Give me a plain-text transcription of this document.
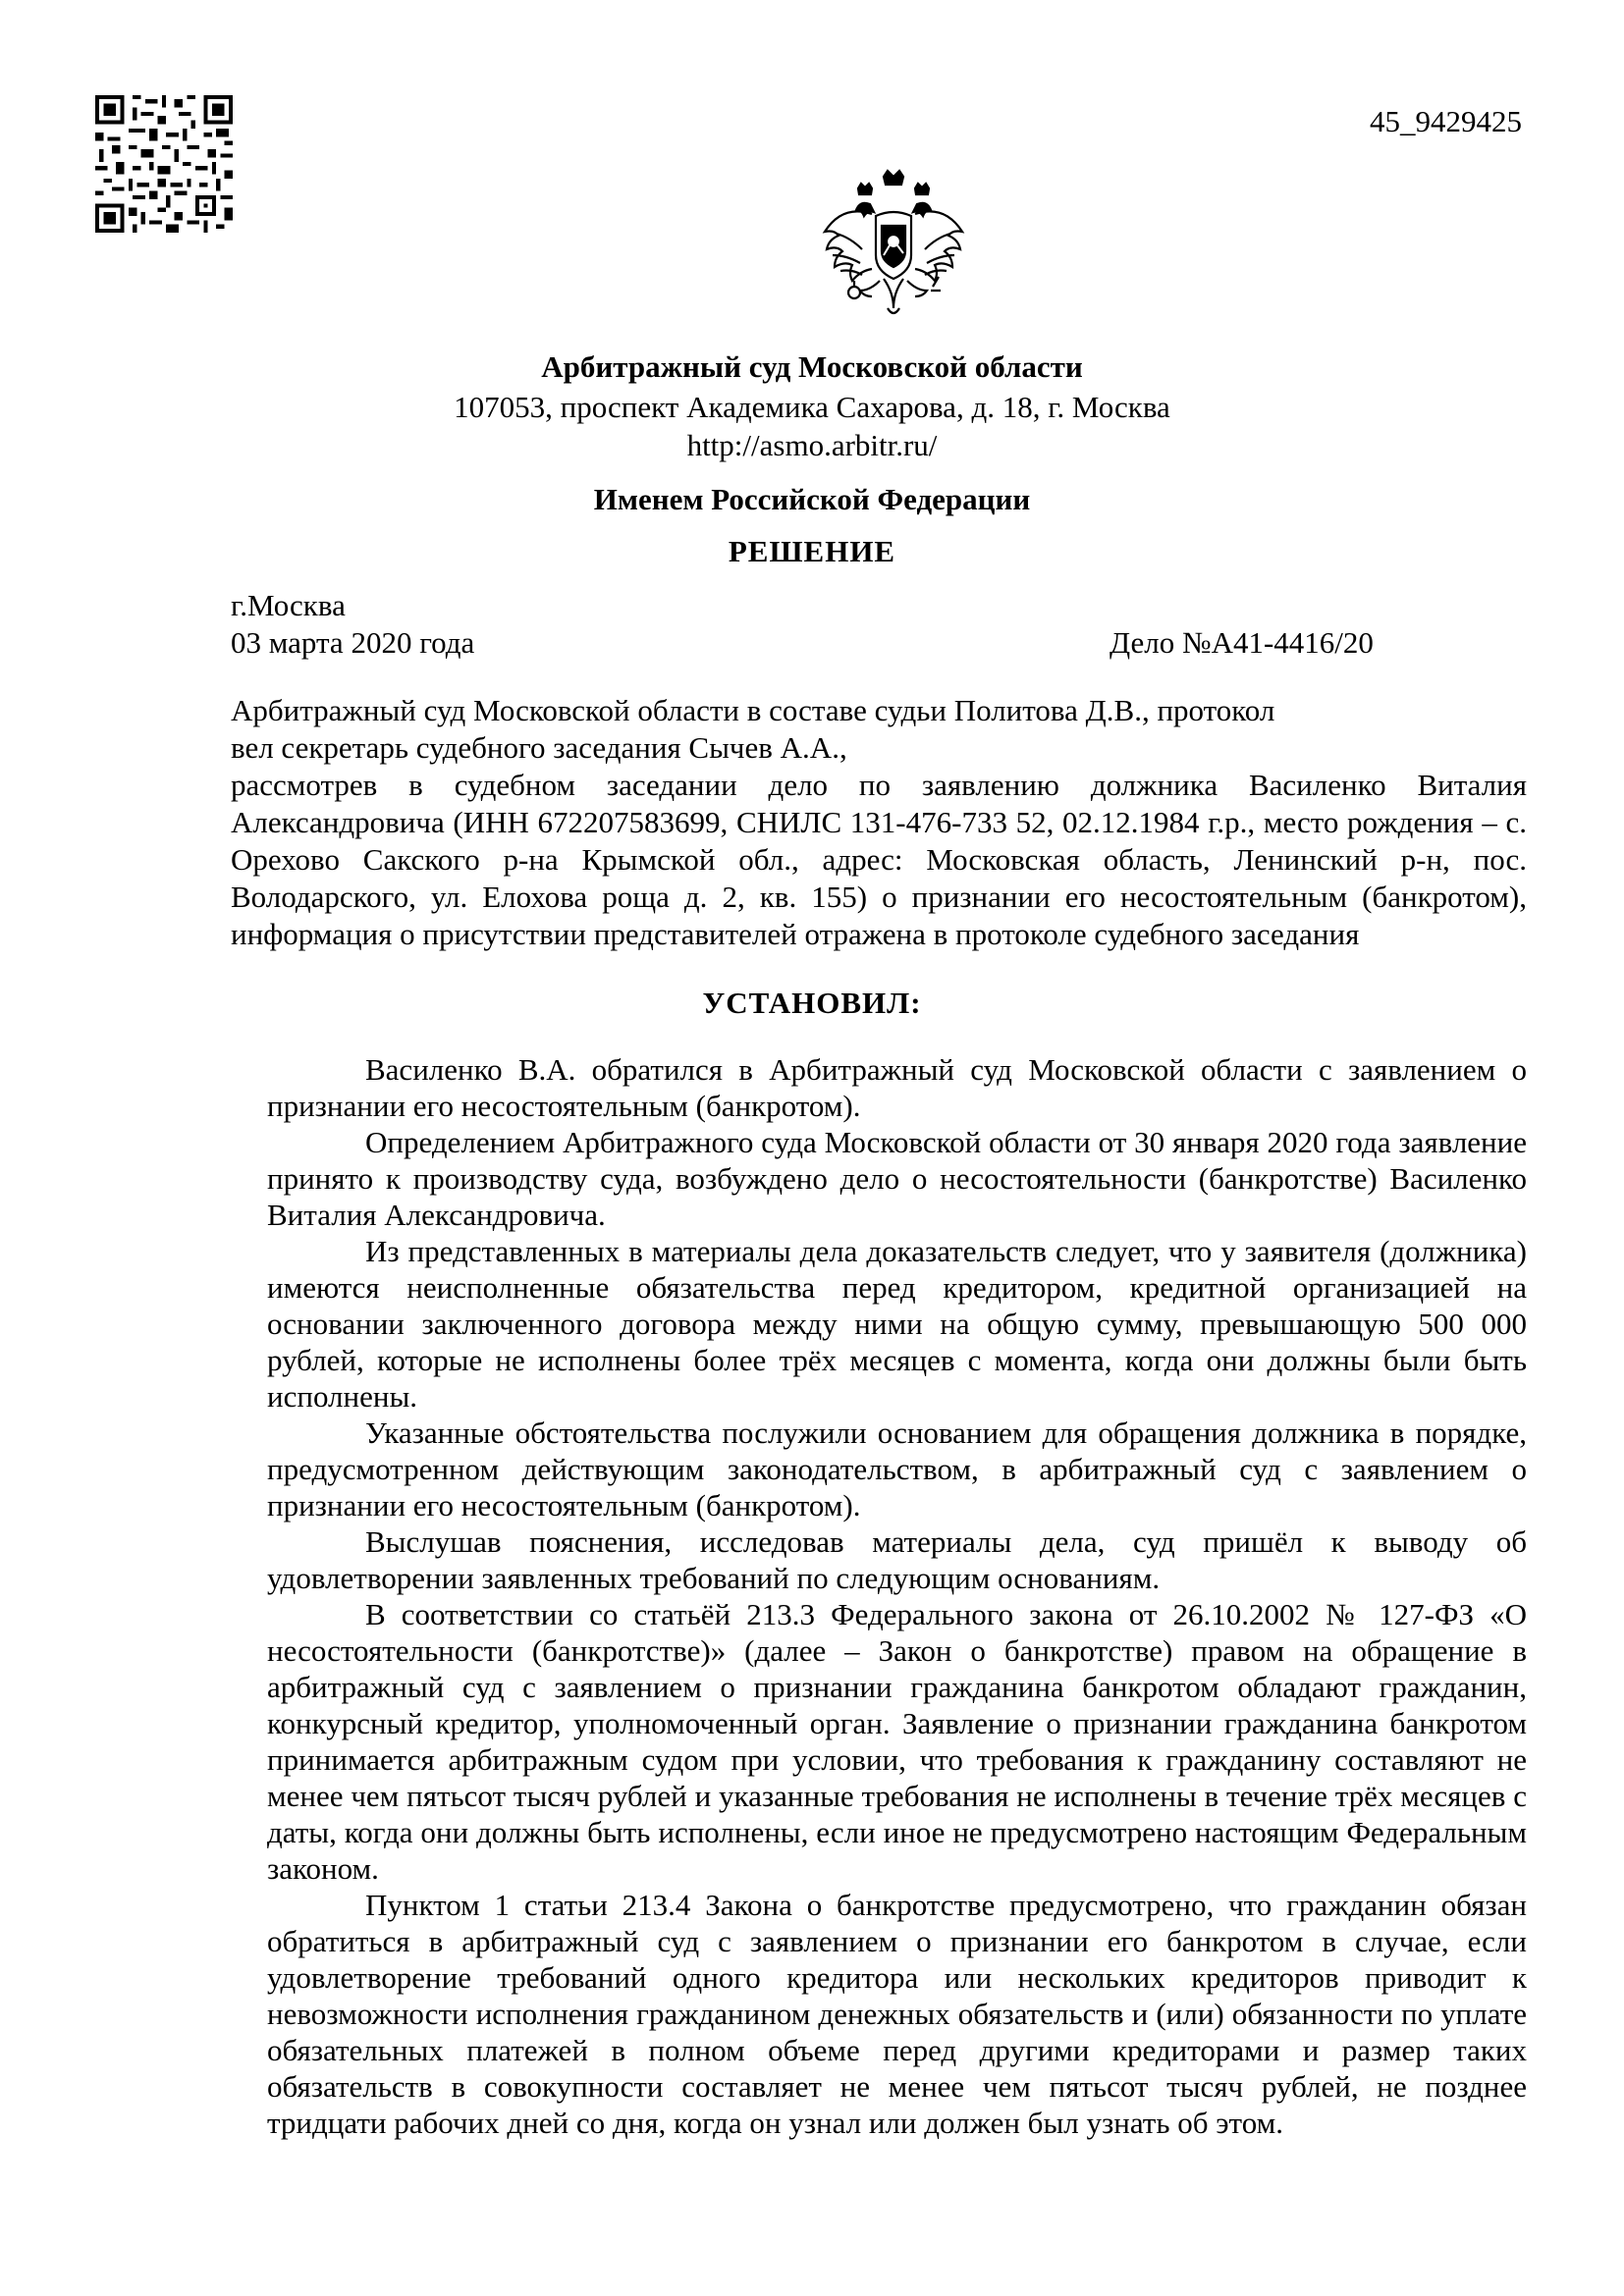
45_9429425
Арбитражный суд Московской области
107053, проспект Академика Сахарова, д. 18, г. Москва
http://asmo.arbitr.ru/
Именем Российской Федерации
РЕШЕНИЕ
г.Москва
03 марта 2020 года	Дело №А41-4416/20
Арбитражный суд Московской области в составе судьи Политова Д.В., протокол
вел секретарь судебного заседания Сычев А.А.,
рассмотрев в судебном заседании дело по заявлению должника Василенко Виталия Александровича (ИНН 672207583699, СНИЛС 131-476-733 52, 02.12.1984 г.р., место рождения – с. Орехово Сакского р-на Крымской обл., адрес: Московская область, Ленинский р-н, пос. Володарского, ул. Елохова роща д. 2, кв. 155) о признании его несостоятельным (банкротом), информация о присутствии представителей отражена в протоколе судебного заседания
УСТАНОВИЛ:

Василенко В.А. обратился в Арбитражный суд Московской области с заявлением о признании его несостоятельным (банкротом).

Определением Арбитражного суда Московской области от 30 января 2020 года заявление принято к производству суда, возбуждено дело о несостоятельности (банкротстве) Василенко Виталия Александровича.

Из представленных в материалы дела доказательств следует, что у заявителя (должника) имеются неисполненные обязательства перед кредитором, кредитной организацией на основании заключенного договора между ними на общую сумму, превышающую 500 000 рублей, которые не исполнены более трёх месяцев с момента, когда они должны были быть исполнены.

Указанные обстоятельства послужили основанием для обращения должника в порядке, предусмотренном действующим законодательством, в арбитражный суд с заявлением о признании его несостоятельным (банкротом).

Выслушав пояснения, исследовав материалы дела, суд пришёл к выводу об удовлетворении заявленных требований по следующим основаниям.

В соответствии со статьёй 213.3 Федерального закона от 26.10.2002 № 127-ФЗ «О несостоятельности (банкротстве)» (далее – Закон о банкротстве) правом на обращение в арбитражный суд с заявлением о признании гражданина банкротом обладают гражданин, конкурсный кредитор, уполномоченный орган. Заявление о признании гражданина банкротом принимается арбитражным судом при условии, что требования к гражданину составляют не менее чем пятьсот тысяч рублей и указанные требования не исполнены в течение трёх месяцев с даты, когда они должны быть исполнены, если иное не предусмотрено настоящим Федеральным законом.

Пунктом 1 статьи 213.4 Закона о банкротстве предусмотрено, что гражданин обязан обратиться в арбитражный суд с заявлением о признании его банкротом в случае, если удовлетворение требований одного кредитора или нескольких кредиторов приводит к невозможности исполнения гражданином денежных обязательств и (или) обязанности по уплате обязательных платежей в полном объеме перед другими кредиторами и размер таких обязательств в совокупности составляет не менее чем пятьсот тысяч рублей, не позднее тридцати рабочих дней со дня, когда он узнал или должен был узнать об этом.
